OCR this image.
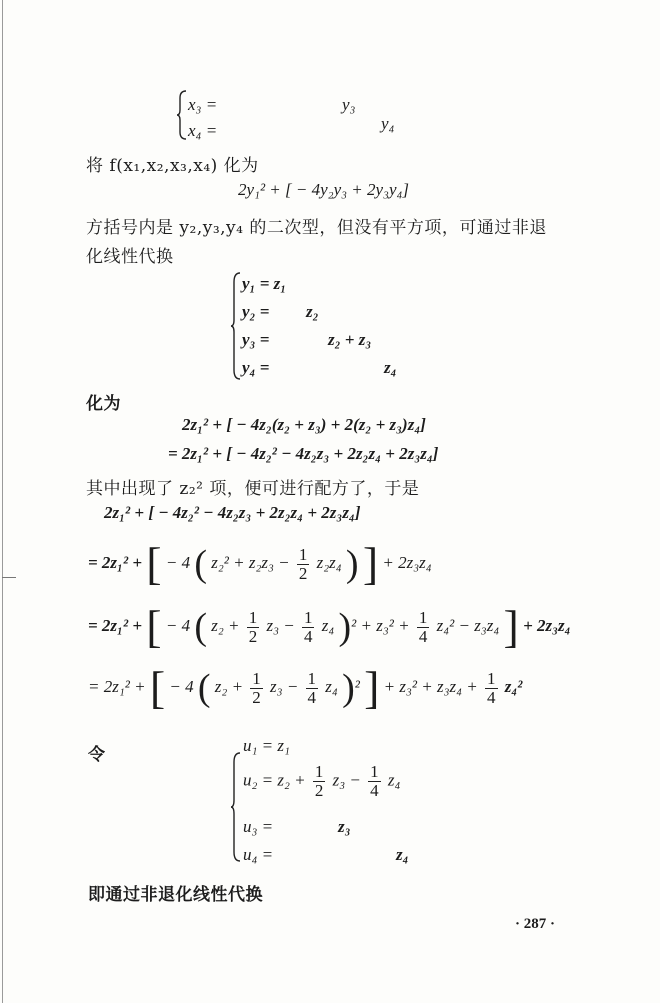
x₃ =	y₃
x₄ =	y₄
将 f(x₁,x₂,x₃,x₄) 化为
2y₁² + [ − 4y₂y₃ + 2y₃y₄]
方括号内是 y₂,y₃,y₄ 的二次型，但没有平方项，可通过非退
化线性代换
y₁ = z₁
y₂ = z₂
y₃ =	z₂ + z₃
y₄ =	z₄
化为
2z₁² + [ − 4z₂(z₂ + z₃) + 2(z₂ + z₃)z₄]
= 2z₁² + [ − 4z₂² − 4z₂z₃ + 2z₂z₄ + 2z₃z₄]
其中出现了 z₂² 项，便可进行配方了，于是
2z₁² + [ − 4z₂² − 4z₂z₃ + 2z₂z₄ + 2z₃z₄]
= 2z₁² + [ − 4 ( $z_2^2 + z_2z_3 - \frac{1}{2} z_2z_4$ ) ] + 2z₃z₄
= 2z₁² + [ − 4 ( $z_2 + \frac{1}{2} z_3 - \frac{1}{4} z_4$ )$^2 + z_3^2 + \frac{1}{4} z_4^2 - z_3z_4$ ] + 2z₃z₄
= 2z₁² + [ − 4 ( $z_2 + \frac{1}{2} z_3 - \frac{1}{4} z_4$ )² ] + $z_3^2 + z_3z_4 + \frac{1}{4} z_4^2$
令	u₁ = z₁
$u_2 = z_2 + \frac{1}{2} z_3 - \frac{1}{4} z_4$
u₃ =	z₃
u₄ =	z₄
即通过非退化线性代换
· 287 ·
